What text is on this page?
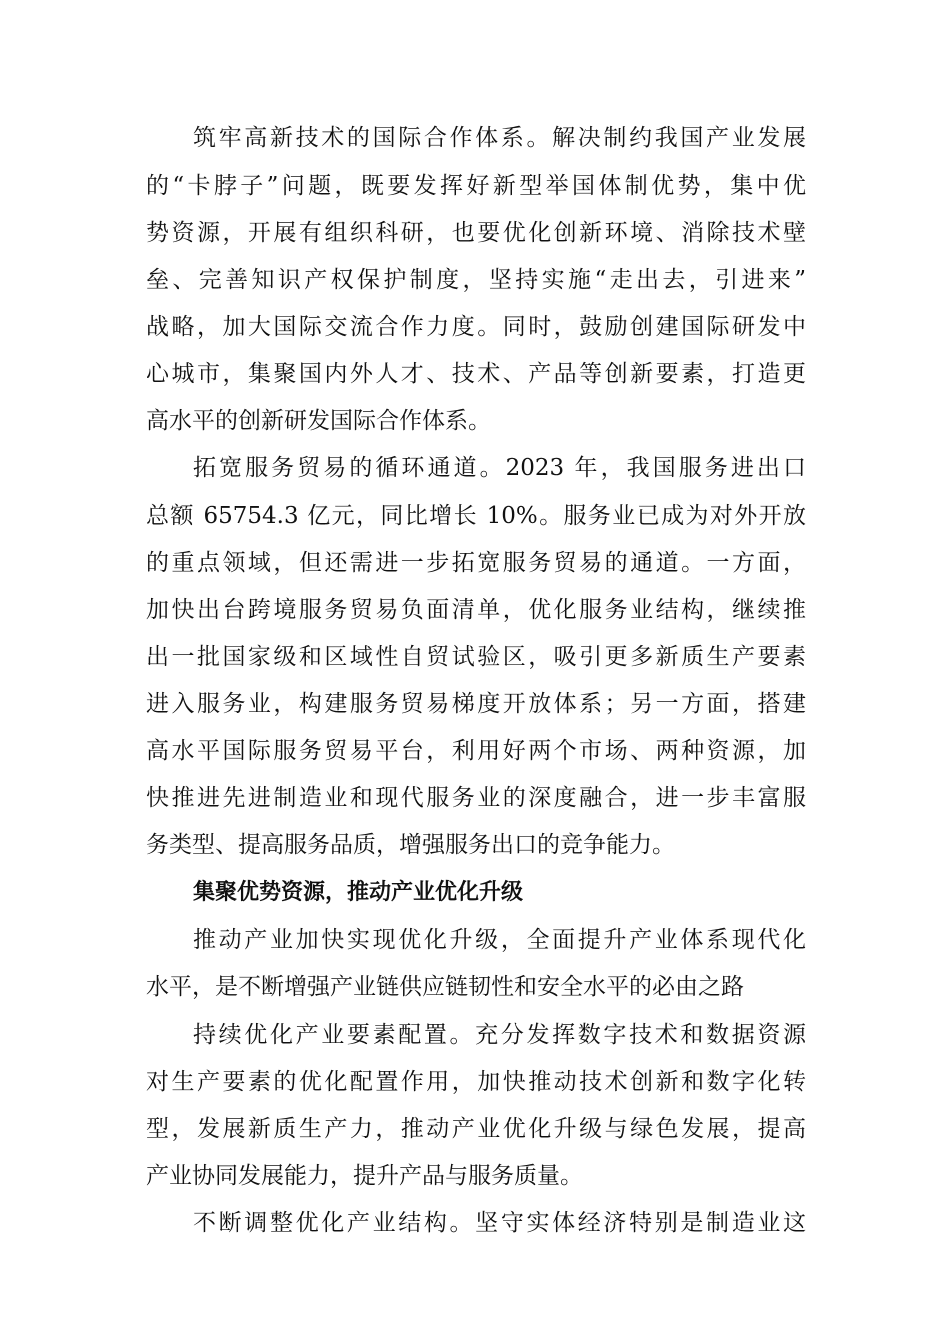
筑牢高新技术的国际合作体系。解决制约我国产业发展
的“卡脖子”问题，既要发挥好新型举国体制优势，集中优
势资源，开展有组织科研，也要优化创新环境、消除技术壁
垒、完善知识产权保护制度，坚持实施“走出去，引进来”
战略，加大国际交流合作力度。同时，鼓励创建国际研发中
心城市，集聚国内外人才、技术、产品等创新要素，打造更
高水平的创新研发国际合作体系。
拓宽服务贸易的循环通道。2023 年，我国服务进出口
总额 65754.3 亿元，同比增长 10%。服务业已成为对外开放
的重点领域，但还需进一步拓宽服务贸易的通道。一方面，
加快出台跨境服务贸易负面清单，优化服务业结构，继续推
出一批国家级和区域性自贸试验区，吸引更多新质生产要素
进入服务业，构建服务贸易梯度开放体系；另一方面，搭建
高水平国际服务贸易平台，利用好两个市场、两种资源，加
快推进先进制造业和现代服务业的深度融合，进一步丰富服
务类型、提高服务品质，增强服务出口的竞争能力。
集聚优势资源，推动产业优化升级
推动产业加快实现优化升级，全面提升产业体系现代化
水平，是不断增强产业链供应链韧性和安全水平的必由之路
持续优化产业要素配置。充分发挥数字技术和数据资源
对生产要素的优化配置作用，加快推动技术创新和数字化转
型，发展新质生产力，推动产业优化升级与绿色发展，提高
产业协同发展能力，提升产品与服务质量。
不断调整优化产业结构。坚守实体经济特别是制造业这
